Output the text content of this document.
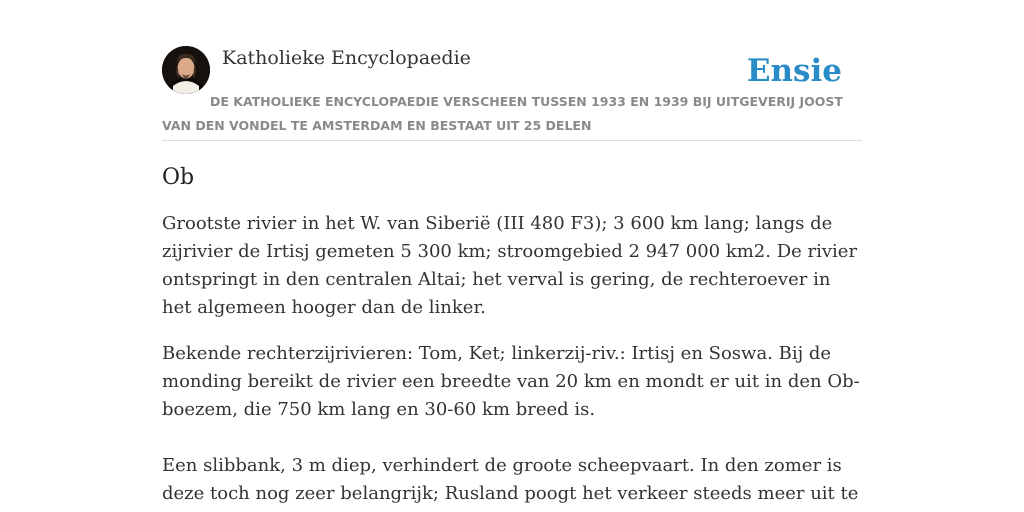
Katholieke Encyclopaedie	Ensie

DE KATHOLIEKE ENCYCLOPAEDIE VERSCHEEN TUSSEN 1933 EN 1939 BIJ UITGEVERIJ JOOST VAN DEN VONDEL TE AMSTERDAM EN BESTAAT UIT 25 DELEN

Ob

Grootste rivier in het W. van Siberië (III 480 F3); 3 600 km lang; langs de zijrivier de Irtisj gemeten 5 300 km; stroomgebied 2 947 000 km2. De rivier ontspringt in den centralen Altai; het verval is gering, de rechteroever in het algemeen hooger dan de linker.

Bekende rechterzijrivieren: Tom, Ket; linkerzij-riv.: Irtisj en Soswa. Bij de monding bereikt de rivier een breedte van 20 km en mondt er uit in den Ob-boezem, die 750 km lang en 30-60 km breed is.

Een slibbank, 3 m diep, verhindert de groote scheepvaart. In den zomer is deze toch nog zeer belangrijk; Rusland poogt het verkeer steeds meer uit te
